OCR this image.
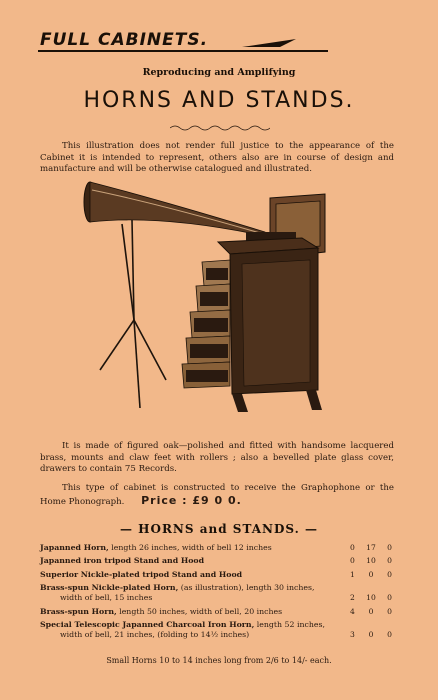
FULL CABINETS.
Reproducing and Amplifying
HORNS AND STANDS.
This illustration does not render full justice to the appearance of the Cabinet it is intended to represent, others also are in course of design and manufacture and will be otherwise catalogued and illustrated.
It is made of figured oak—polished and fitted with handsome lacquered brass, mounts and claw feet with rollers ; also a bevelled plate glass cover, drawers to contain 75 Records.
This type of cabinet is constructed to receive the Graphophone or the Home Phonograph. Price : £9 0 0.
— HORNS and STANDS. —
Japanned Horn, length 26 inches, width of bell 12 inches	0 17 0
Japanned iron tripod Stand and Hood	0 10 0
Superior Nickle-plated tripod Stand and Hood	1 0 0
Brass-spun Nickle-plated Horn, (as illustration), length 30 inches,
width of bell, 15 inches	2 10 0
Brass-spun Horn, length 50 inches, width of bell, 20 inches	4 0 0
Special Telescopic Japanned Charcoal Iron Horn, length 52 inches,
width of bell, 21 inches, (folding to 14½ inches)	3 0 0
Small Horns 10 to 14 inches long from 2/6 to 14/- each.
